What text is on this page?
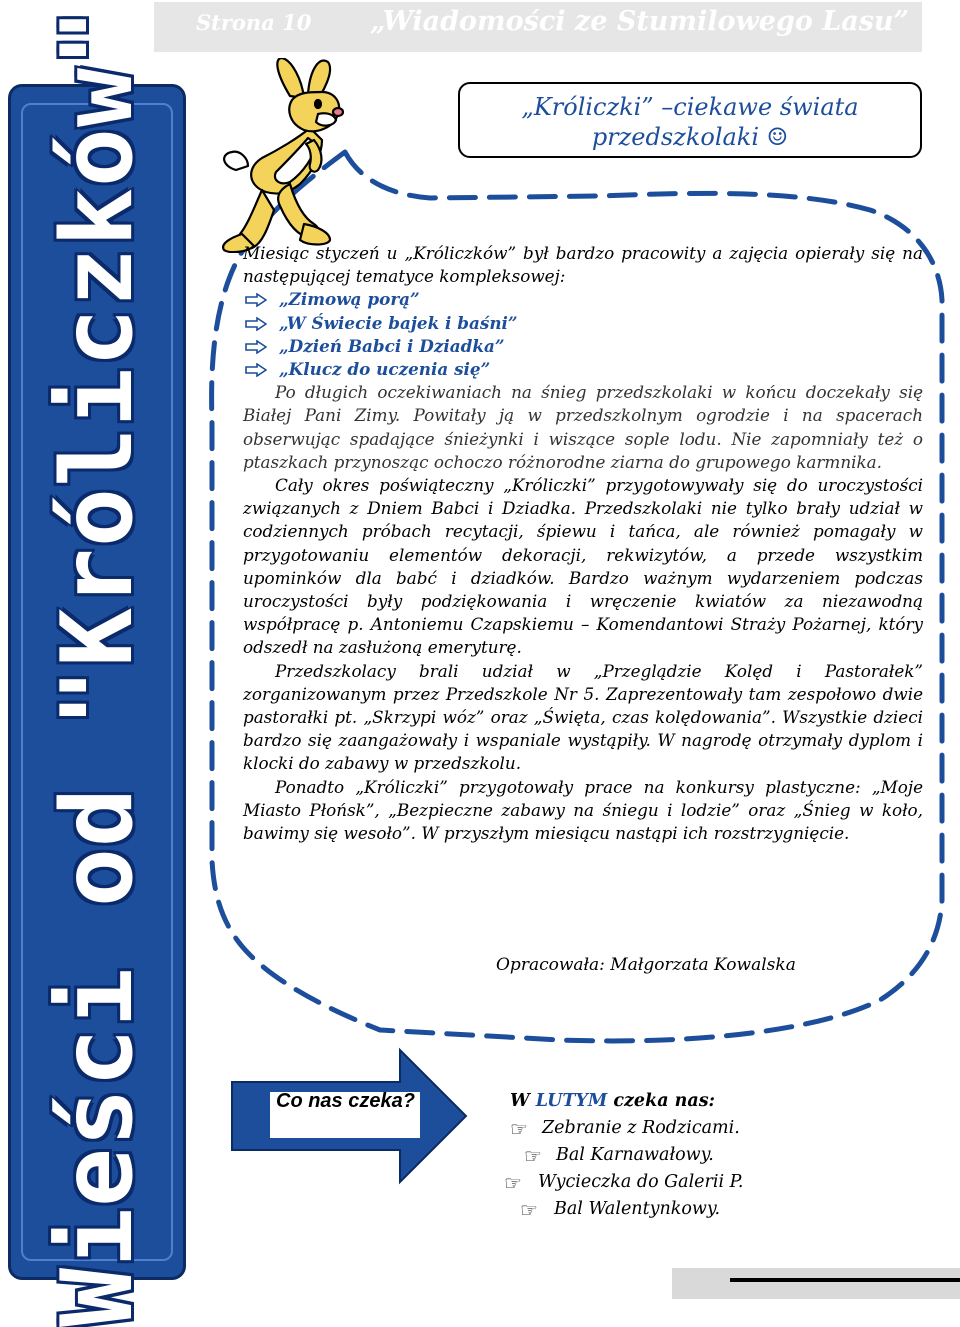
Strona 10 „Wiadomości ze Stumilowego Lasu”
Wieści od "Króliczków"	„Króliczki” –ciekawe świata
przedszkolaki ☺

Miesiąc styczeń u „Króliczków” był bardzo pracowity a zajęcia opierały się na następującej tematyce kompleksowej:

„Zimową porą”
„W Świecie bajek i baśni”
„Dzień Babci i Dziadka”
„Klucz do uczenia się”

Po długich oczekiwaniach na śnieg przedszkolaki w końcu doczekały się Białej Pani Zimy. Powitały ją w przedszkolnym ogrodzie i na spacerach obserwując spadające śnieżynki i wiszące sople lodu. Nie zapomniały też o ptaszkach przynosząc ochoczo różnorodne ziarna do grupowego karmnika.

Cały okres poświąteczny „Króliczki” przygotowywały się do uroczystości związanych z Dniem Babci i Dziadka. Przedszkolaki nie tylko brały udział w codziennych próbach recytacji, śpiewu i tańca, ale również pomagały w przygotowaniu elementów dekoracji, rekwizytów, a przede wszystkim upominków dla babć i dziadków. Bardzo ważnym wydarzeniem podczas uroczystości były podziękowania i wręczenie kwiatów za niezawodną współpracę p. Antoniemu Czapskiemu – Komendantowi Straży Pożarnej, który odszedł na zasłużoną emeryturę.

Przedszkolacy brali udział w „Przeglądzie Kolęd i Pastorałek” zorganizowanym przez Przedszkole Nr 5. Zaprezentowały tam zespołowo dwie pastorałki pt. „Skrzypi wóz” oraz „Święta, czas kolędowania”. Wszystkie dzieci bardzo się zaangażowały i wspaniale wystąpiły. W nagrodę otrzymały dyplom i klocki do zabawy w przedszkolu.

Ponadto „Króliczki” przygotowały prace na konkursy plastyczne: „Moje Miasto Płońsk”, „Bezpieczne zabawy na śniegu i lodzie” oraz „Śnieg w koło, bawimy się wesoło”. W przyszłym miesiącu nastąpi ich rozstrzygnięcie.

Opracowała: Małgorzata Kowalska
Co nas czeka?	W LUTYM czeka nas:
☞ Zebranie z Rodzicami.
☞ Bal Karnawałowy.
☞ Wycieczka do Galerii P.
☞ Bal Walentynkowy.
